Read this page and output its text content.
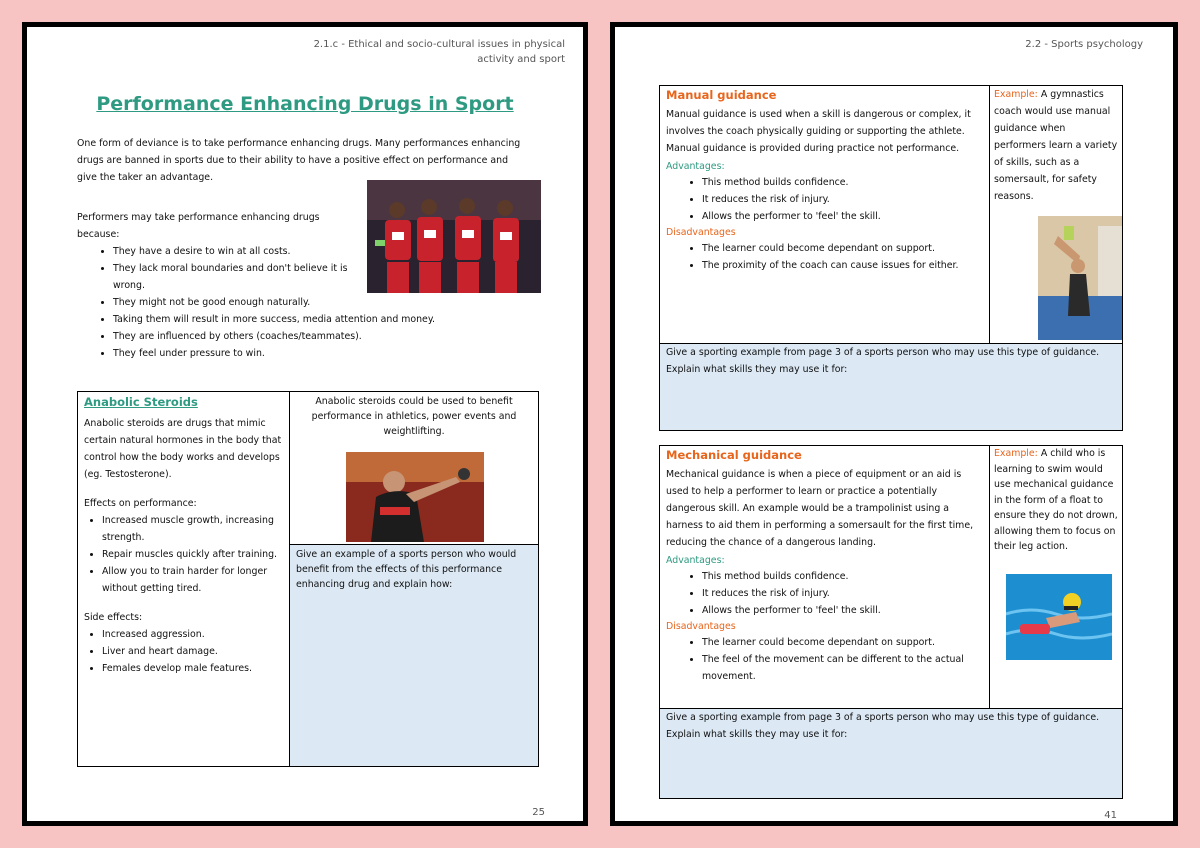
2.1.c - Ethical and socio-cultural issues in physical
activity and sport
Performance Enhancing Drugs in Sport

One form of deviance is to take performance enhancing drugs. Many performances enhancing drugs are banned in sports due to their ability to have a positive effect on performance and give the taker an advantage.

Performers may take performance enhancing drugs because:

• They have a desire to win at all costs.
• They lack moral boundaries and don't believe it is wrong.
• They might not be good enough naturally.
• Taking them will result in more success, media attention and money.
• They are influenced by others (coaches/teammates).
• They feel under pressure to win.
Anabolic Steroids

Anabolic steroids are drugs that mimic certain natural hormones in the body that control how the body works and develops (eg. Testosterone).

Effects on performance:

• Increased muscle growth, increasing strength.
• Repair muscles quickly after training.
• Allow you to train harder for longer without getting tired.

Side effects:

• Increased aggression.
• Liver and heart damage.
• Females develop male features.

Anabolic steroids could be used to benefit performance in athletics, power events and weightlifting.

Give an example of a sports person who would benefit from the effects of this performance enhancing drug and explain how:

25
2.2 - Sports psychology
Manual guidance

Manual guidance is used when a skill is dangerous or complex, it involves the coach physically guiding or supporting the athlete. Manual guidance is provided during practice not performance.

Advantages:
• This method builds confidence.
• It reduces the risk of injury.
• Allows the performer to 'feel' the skill.
Disadvantages
• The learner could become dependant on support.
• The proximity of the coach can cause issues for either.

Example: A gymnastics coach would use manual guidance when performers learn a variety of skills, such as a somersault, for safety reasons.

Give a sporting example from page 3 of a sports person who may use this type of guidance. Explain what skills they may use it for:

Mechanical guidance

Mechanical guidance is when a piece of equipment or an aid is used to help a performer to learn or practice a potentially dangerous skill. An example would be a trampolinist using a harness to aid them in performing a somersault for the first time, reducing the chance of a dangerous landing.

Advantages:
• This method builds confidence.
• It reduces the risk of injury.
• Allows the performer to 'feel' the skill.
Disadvantages
• The learner could become dependant on support.
• The feel of the movement can be different to the actual movement.

Example: A child who is learning to swim would use mechanical guidance in the form of a float to ensure they do not drown, allowing them to focus on their leg action.

Give a sporting example from page 3 of a sports person who may use this type of guidance. Explain what skills they may use it for:

41
